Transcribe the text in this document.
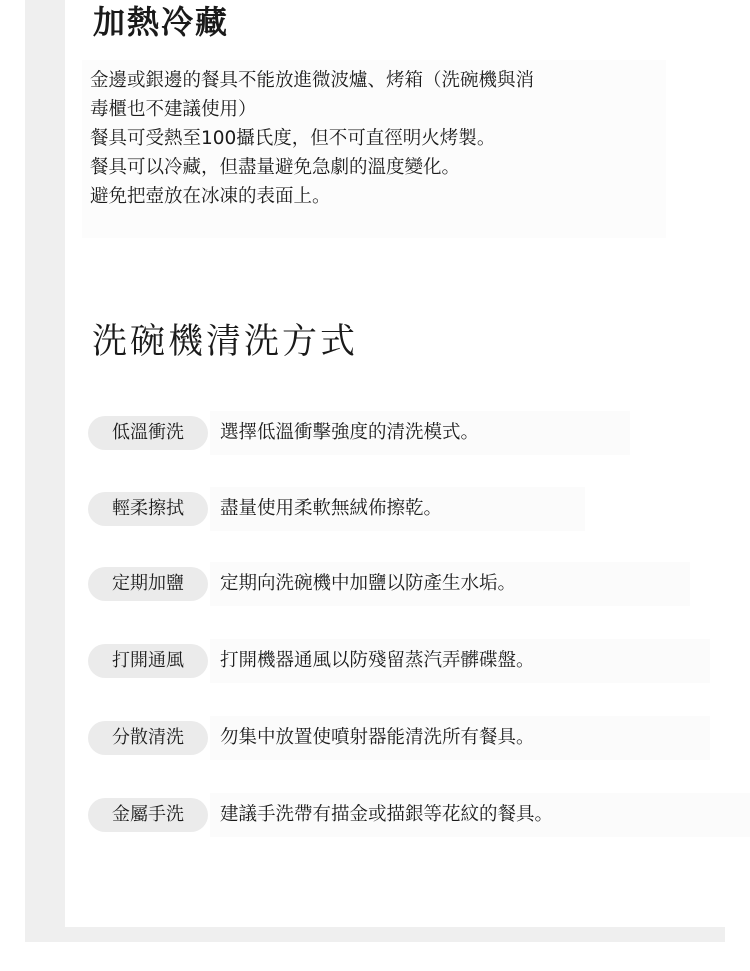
加熱冷藏
金邊或銀邊的餐具不能放進微波爐、烤箱（洗碗機與消
毒櫃也不建議使用）
餐具可受熱至100攝氏度，但不可直徑明火烤製。
餐具可以冷藏，但盡量避免急劇的溫度變化。
避免把壺放在冰凍的表面上。
洗碗機清洗方式
低溫衝洗	選擇低溫衝擊強度的清洗模式。
輕柔擦拭	盡量使用柔軟無絨佈擦乾。
定期加鹽	定期向洗碗機中加鹽以防產生水垢。
打開通風	打開機器通風以防殘留蒸汽弄髒碟盤。
分散清洗	勿集中放置使噴射器能清洗所有餐具。
金屬手洗	建議手洗帶有描金或描銀等花紋的餐具。
